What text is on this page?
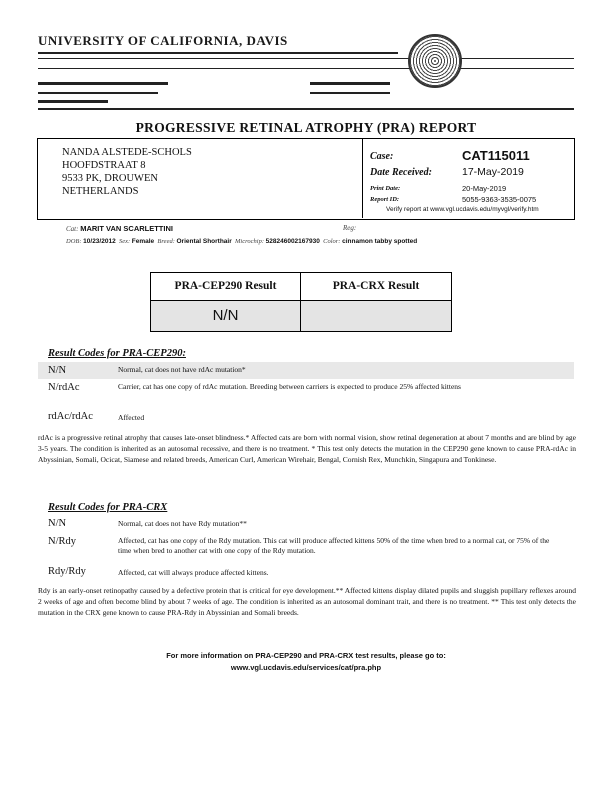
UNIVERSITY OF CALIFORNIA, DAVIS
PROGRESSIVE RETINAL ATROPHY (PRA) REPORT
NANDA ALSTEDE-SCHOLS
HOOFDSTRAAT 8
9533 PK, DROUWEN
NETHERLANDS
Case:	CAT115011
Date Received:	17-May-2019
Print Date:	20-May-2019
Report ID:	5055-9363-3535-0075
Verify report at www.vgl.ucdavis.edu/myvgl/verify.htm
Cat: MARIT VAN SCARLETTINI	Reg:
DOB: 10/23/2012 Sex: Female Breed: Oriental Shorthair Microchip: 528246002167930 Color: cinnamon tabby spotted
PRA-CEP290 Result	PRA-CRX Result
N/N
Result Codes for PRA-CEP290:
N/N	Normal, cat does not have rdAc mutation*
N/rdAc	Carrier, cat has one copy of rdAc mutation. Breeding between carriers is expected to produce 25% affected kittens
rdAc/rdAc	Affected
rdAc is a progressive retinal atrophy that causes late-onset blindness.* Affected cats are born with normal vision, show retinal degeneration at about 7 months and are blind by age 3-5 years. The condition is inherited as an autosomal recessive, and there is no treatment. * This test only detects the mutation in the CEP290 gene known to cause PRA-rdAc in Abyssinian, Somali, Ocicat, Siamese and related breeds, American Curl, American Wirehair, Bengal, Cornish Rex, Munchkin, Singapura and Tonkinese.
Result Codes for PRA-CRX
N/N	Normal, cat does not have Rdy mutation**
N/Rdy	Affected, cat has one copy of the Rdy mutation. This cat will produce affected kittens 50% of the time when bred to a normal cat, or 75% of the time when bred to another cat with one copy of the Rdy mutation.
Rdy/Rdy	Affected, cat will always produce affected kittens.
Rdy is an early-onset retinopathy caused by a defective protein that is critical for eye development.** Affected kittens display dilated pupils and sluggish pupillary reflexes around 2 weeks of age and often become blind by about 7 weeks of age. The condition is inherited as an autosomal dominant trait, and there is no treatment. ** This test only detects the mutation in the CRX gene known to cause PRA-Rdy in Abyssinian and Somali breeds.
For more information on PRA-CEP290 and PRA-CRX test results, please go to:
www.vgl.ucdavis.edu/services/cat/pra.php
